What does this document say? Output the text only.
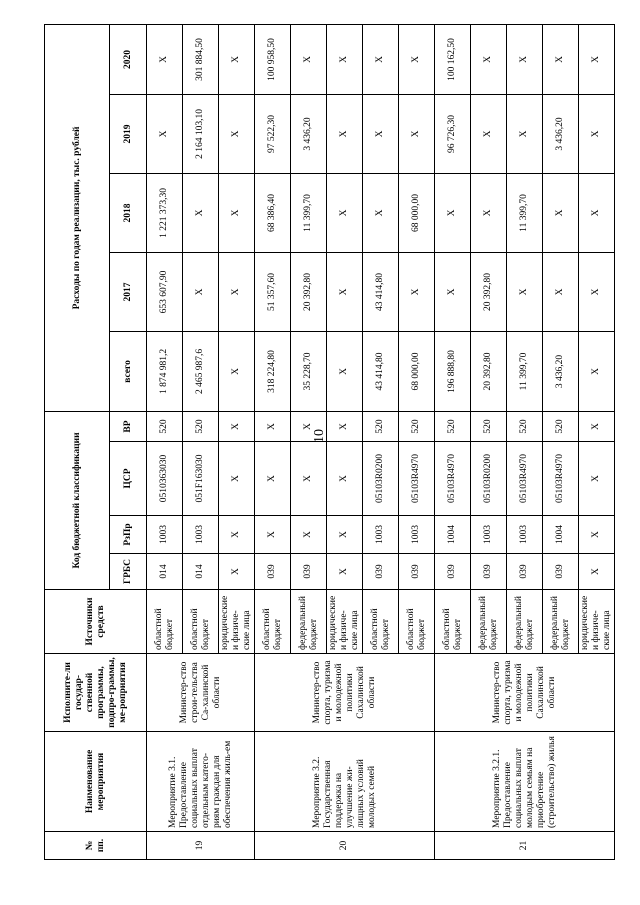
10
№ пп.	Наименование мероприятия	Исполните-ли государ-ственной программы, подпро-граммы, ме-роприятия	Источники средств	Код бюджетной классификации				Расходы по годам реализации, тыс. рублей				

				ГРБС	РзПр	ЦСР	ВР	всего	2017	2018	2019	2020
19	Мероприятие 3.1. Предоставление социальных выплат отдельным катего-риям граждан для обеспечения жиль-ем	Министер-ство строи-тельства Са-халинской области	областной бюджет	014	1003	0510363030	520	1 874 981,2	653 607,90	1 221 373,30	X	X
			областной бюджет	014	1003	051F163030	520	2 465 987,6	X	X	2 164 103,10	301 884,50
			юридические и физиче-ские лица	X	X	X	X	X	X	X	X	X
20	Мероприятие 3.2. Государственная поддержка на улучшение жи-лищных условий молодых семей	Министер-ство спорта, туризма и молодежной политики Сахалинской области	областной бюджет	039	X	X	X	318 224,80	51 357,60	68 386,40	97 522,30	100 958,50
			федеральный бюджет	039	X	X	X	35 228,70	20 392,80	11 399,70	3 436,20	X
			юридические и физиче-ские лица	X	X	X	X	X	X	X	X	X
			областной бюджет	039	1003	05103R0200	520	43 414,80	43 414,80	X	X	X
			областной бюджет	039	1003	05103R4970	520	68 000,00	X	68 000,00	X	X
21	Мероприятие 3.2.1. Предоставление социальных выплат молодым семьям на приобретение (строительство) жилья	Министер-ство спорта, туризма и молодежной политики Сахалинской области	областной бюджет	039	1004	05103R4970	520	196 888,80	X	X	96 726,30	100 162,50
			федеральный бюджет	039	1003	05103R0200	520	20 392,80	20 392,80	X	X	X
			федеральный бюджет	039	1003	05103R4970	520	11 399,70	X	11 399,70	X	X
			федеральный бюджет	039	1004	05103R4970	520	3 436,20	X	X	3 436,20	X
			юридические и физиче-ские лица	X	X	X	X	X	X	X	X	X
